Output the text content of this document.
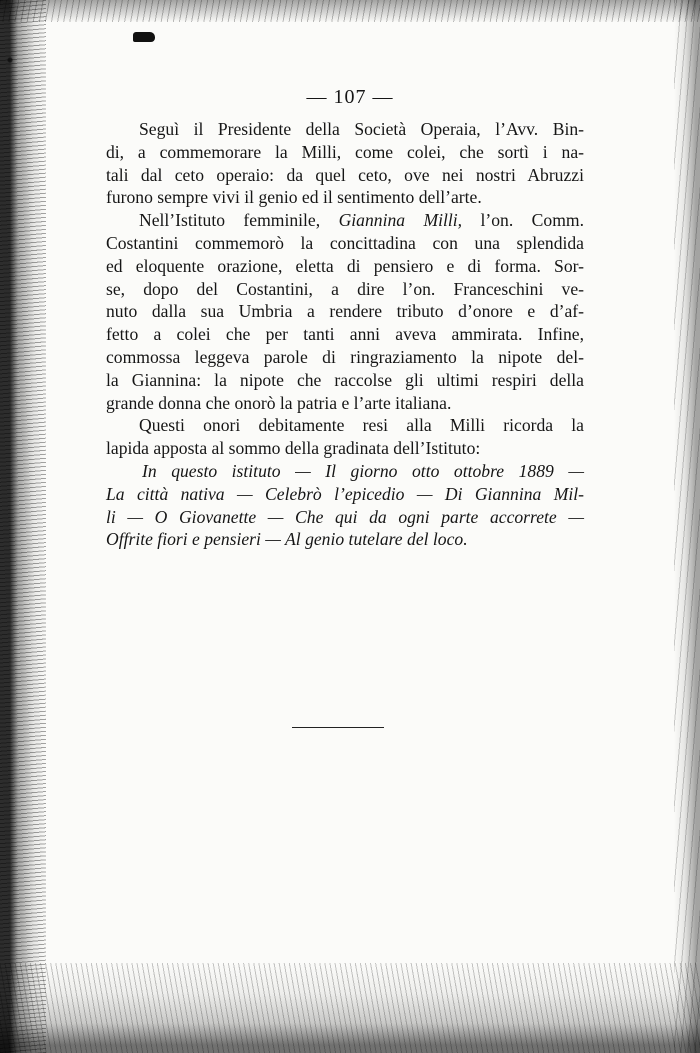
— 107 —
Seguì il Presidente della Società Operaia, l’Avv. Bin-
di, a commemorare la Milli, come colei, che sortì i na-
tali dal ceto operaio: da quel ceto, ove nei nostri Abruzzi
furono sempre vivi il genio ed il sentimento dell’arte.
Nell’Istituto femminile, Giannina Milli, l’on. Comm.
Costantini commemorò la concittadina con una splendida
ed eloquente orazione, eletta di pensiero e di forma. Sor-
se, dopo del Costantini, a dire l’on. Franceschini ve-
nuto dalla sua Umbria a rendere tributo d’onore e d’af-
fetto a colei che per tanti anni aveva ammirata. Infine,
commossa leggeva parole di ringraziamento la nipote del-
la Giannina: la nipote che raccolse gli ultimi respiri della
grande donna che onorò la patria e l’arte italiana.
Questi onori debitamente resi alla Milli ricorda la
lapida apposta al sommo della gradinata dell’Istituto:
In questo istituto — Il giorno otto ottobre 1889 —
La città nativa — Celebrò l’epicedio — Di Giannina Mil-
li — O Giovanette — Che qui da ogni parte accorrete —
Offrite fiori e pensieri — Al genio tutelare del loco.
